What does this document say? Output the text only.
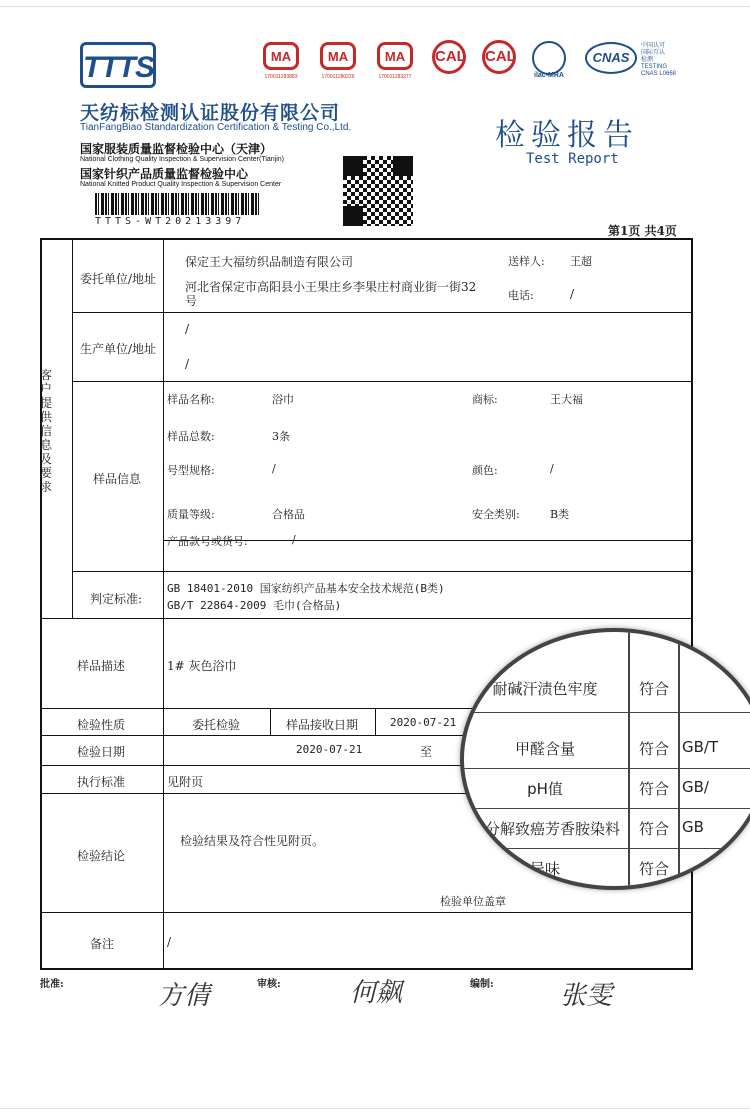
TTTS
天纺标检测认证股份有限公司
TianFangBiao Standardization Certification & Testing Co.,Ltd.
国家服装质量监督检验中心（天津）
National Clothing Quality Inspection & Supervision Center(Tianjin)
国家针织产品质量监督检验中心
National Knitted Product Quality Inspection & Supervision Center
TTTS-WT20213397
MA
170011283883
MA
170011280226
MA
170011283277
CAL CAL
ilac-MRA
CNAS
中国认可
国际互认
检测
TESTING
CNAS L0668
检验报告
Test Report
第1页 共4页
客户提供信息及要求
委托单位/地址
保定王大福纺织品制造有限公司
河北省保定市高阳县小王果庄乡李果庄村商业街一街32号
送样人: 王超
电话:	/
生产单位/地址
/
/
样品信息
样品名称:	浴巾	商标:	王大福
样品总数:	3条
号型规格:	/	颜色:	/
质量等级:	合格品	安全类别:	B类
产品款号或货号:	/
判定标准:
GB 18401-2010 国家纺织产品基本安全技术规范(B类)
GB/T 22864-2009 毛巾(合格品)
样品描述	1# 灰色浴巾
检验性质	委托检验	样品接收日期	2020-07-21
检验日期	2020-07-21	至
执行标准	见附页
检验结论
检验结果及符合性见附页。
检验单位盖章
备注	/
耐碱汗渍色牢度	符合
甲醛含量	符合 GB/T
pH值	符合 GB/
可分解致癌芳香胺染料	符合 GB
异味	符合
批准:	方倩	审核:	何飙	编制:	张雯
